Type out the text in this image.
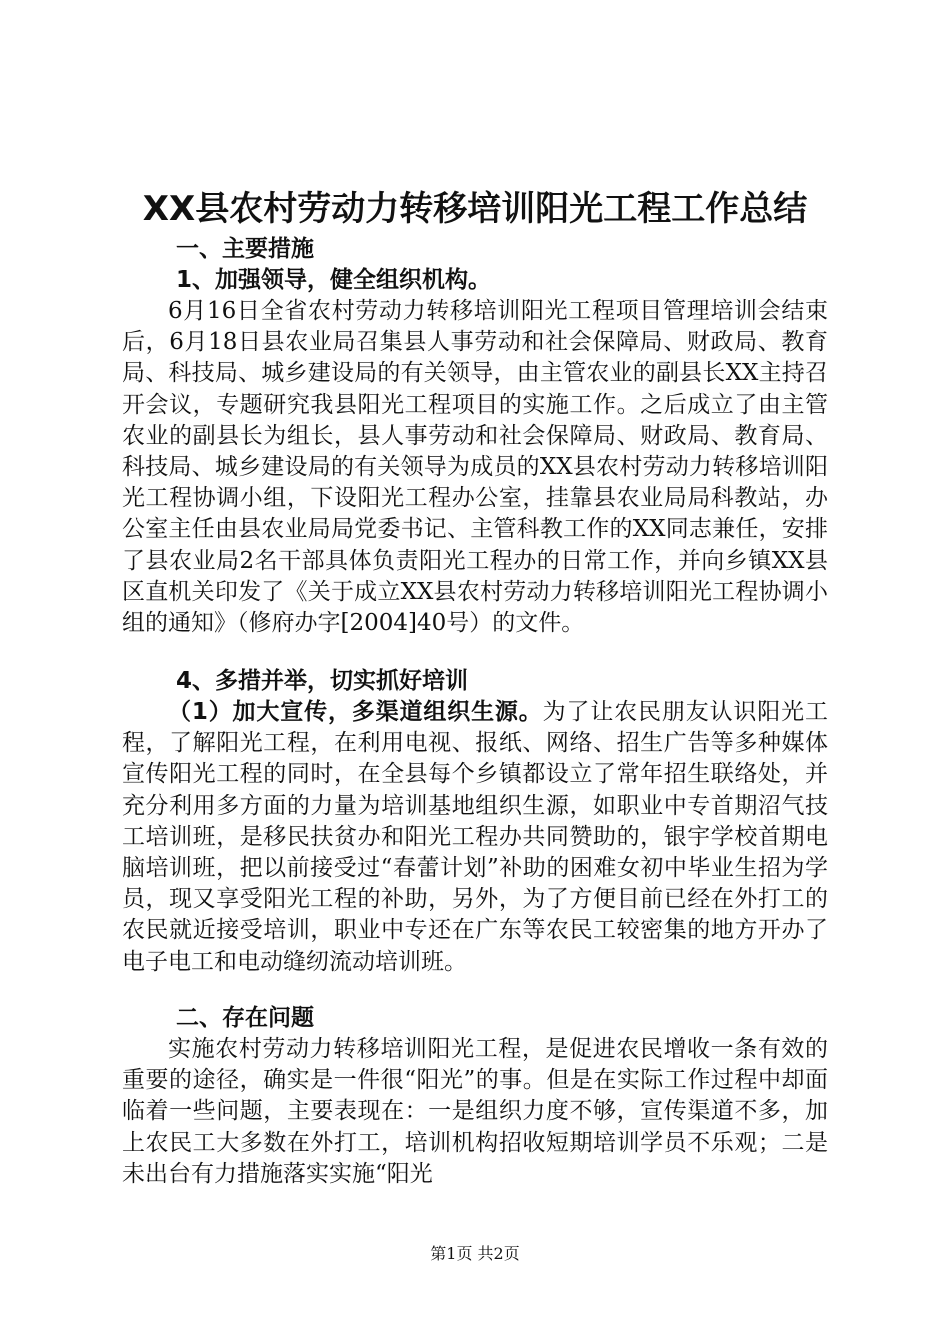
XX县农村劳动力转移培训阳光工程工作总结
一、主要措施
1、加强领导，健全组织机构。

6月16日全省农村劳动力转移培训阳光工程项目管理培训会结束后，6月18日县农业局召集县人事劳动和社会保障局、财政局、教育局、科技局、城乡建设局的有关领导，由主管农业的副县长XX主持召开会议，专题研究我县阳光工程项目的实施工作。之后成立了由主管农业的副县长为组长，县人事劳动和社会保障局、财政局、教育局、科技局、城乡建设局的有关领导为成员的XX县农村劳动力转移培训阳光工程协调小组，下设阳光工程办公室，挂靠县农业局局科教站，办公室主任由县农业局局党委书记、主管科教工作的XX同志兼任，安排了县农业局2名干部具体负责阳光工程办的日常工作，并向乡镇XX县区直机关印发了《关于成立XX县农村劳动力转移培训阳光工程协调小组的通知》（修府办字[2004]40号）的文件。

4、多措并举，切实抓好培训

（1）加大宣传，多渠道组织生源。为了让农民朋友认识阳光工程，了解阳光工程，在利用电视、报纸、网络、招生广告等多种媒体宣传阳光工程的同时，在全县每个乡镇都设立了常年招生联络处，并充分利用多方面的力量为培训基地组织生源，如职业中专首期沼气技工培训班，是移民扶贫办和阳光工程办共同赞助的，银宇学校首期电脑培训班，把以前接受过“春蕾计划”补助的困难女初中毕业生招为学员，现又享受阳光工程的补助，另外，为了方便目前已经在外打工的农民就近接受培训，职业中专还在广东等农民工较密集的地方开办了电子电工和电动缝纫流动培训班。

二、存在问题

实施农村劳动力转移培训阳光工程，是促进农民增收一条有效的重要的途径，确实是一件很“阳光”的事。但是在实际工作过程中却面临着一些问题，主要表现在：一是组织力度不够，宣传渠道不多，加上农民工大多数在外打工，培训机构招收短期培训学员不乐观；二是未出台有力措施落实实施“阳光

第1页 共2页
